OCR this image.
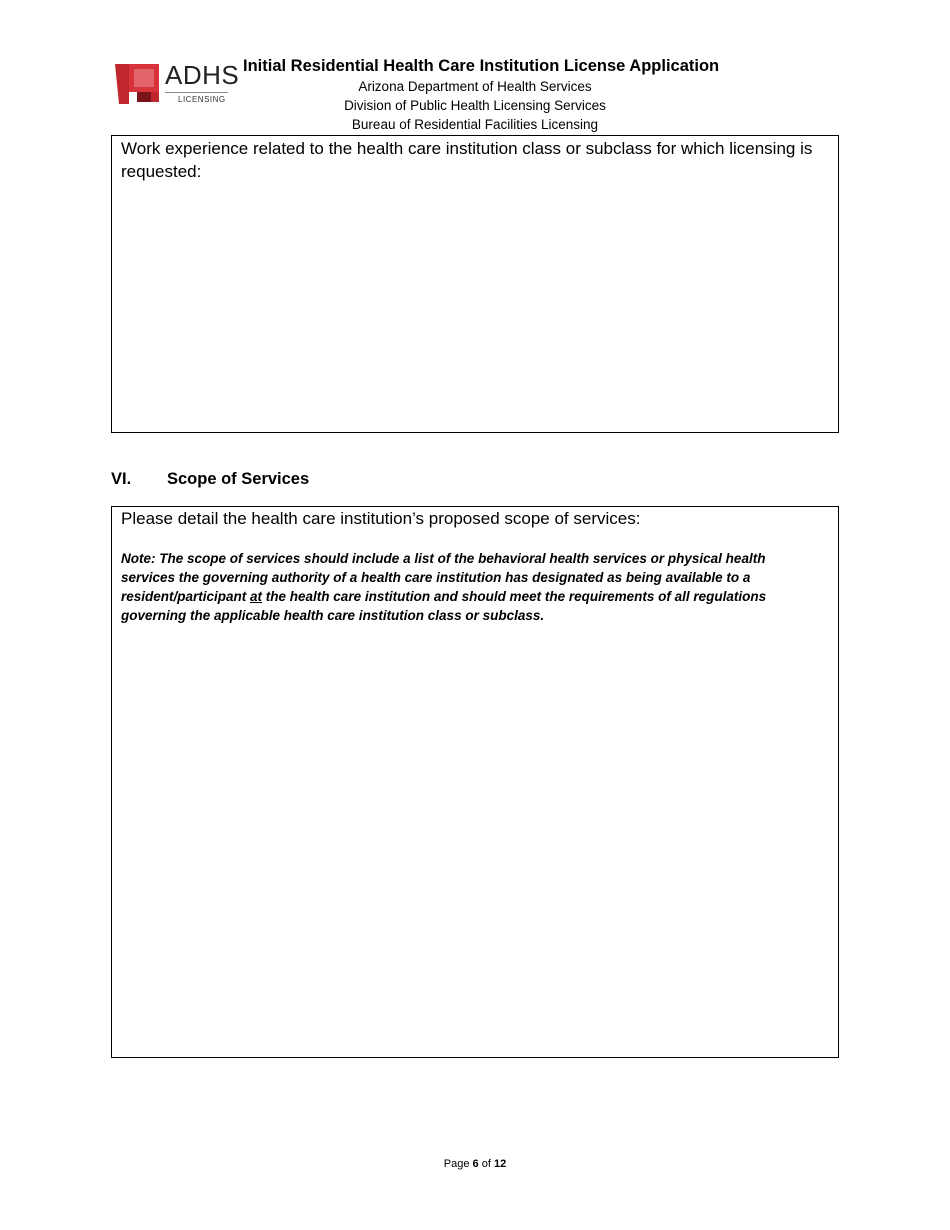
ADHS
LICENSING
Initial Residential Health Care Institution License Application
Arizona Department of Health Services
Division of Public Health Licensing Services
Bureau of Residential Facilities Licensing
Work experience related to the health care institution class or subclass for which licensing is requested:
VI. Scope of Services
Please detail the health care institution’s proposed scope of services:
Note: The scope of services should include a list of the behavioral health services or physical health services the governing authority of a health care institution has designated as being available to a resident/participant at the health care institution and should meet the requirements of all regulations governing the applicable health care institution class or subclass.
Page 6 of 12
